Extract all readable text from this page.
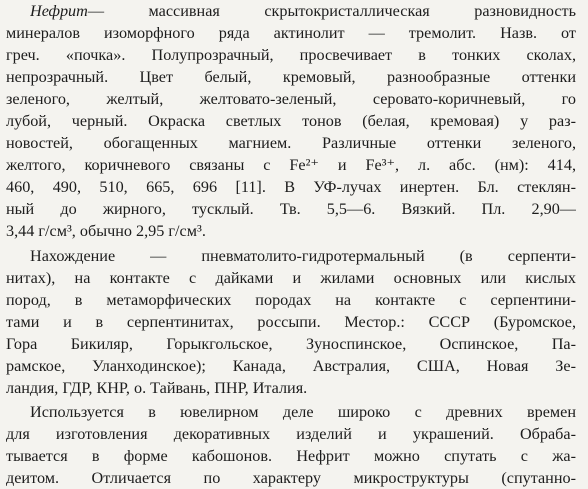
Нефрит— массивная скрытокристаллическая разновидность
минералов изоморфного ряда актинолит — тремолит. Назв. от
греч. «почка». Полупрозрачный, просвечивает в тонких сколах,
непрозрачный. Цвет белый, кремовый, разнообразные оттенки
зеленого, желтый, желтовато-зеленый, серовато-коричневый, го
лубой, черный. Окраска светлых тонов (белая, кремовая) у раз-
новостей, обогащенных магнием. Различные оттенки зеленого,
желтого, коричневого связаны с Fe²⁺ и Fe³⁺, л. абс. (нм): 414,
460, 490, 510, 665, 696 [11]. В УФ-лучах инертен. Бл. стеклян-
ный до жирного, тусклый. Тв. 5,5—6. Вязкий. Пл. 2,90—
3,44 г/см³, обычно 2,95 г/см³.
Нахождение — пневматолито-гидротермальный (в серпенти-
нитах), на контакте с дайками и жилами основных или кислых
пород, в метаморфических породах на контакте с серпентини-
тами и в серпентинитах, россыпи. Местор.: СССР (Буромское,
Гора Бикиляр, Горыкгольское, Зуноспинское, Оспинское, Па-
рамское, Уланходинское); Канада, Австралия, США, Новая Зе-
ландия, ГДР, КНР, о. Тайвань, ПНР, Италия.
Используется в ювелирном деле широко с древних времен
для изготовления декоративных изделий и украшений. Обраба-
тывается в форме кабошонов. Нефрит можно спутать с жа-
деитом. Отличается по характеру микроструктуры (спутанно-
